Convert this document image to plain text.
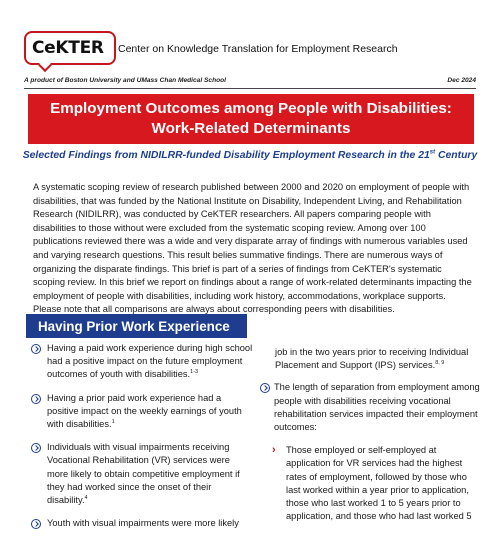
CeKTER Center on Knowledge Translation for Employment Research
A product of Boston University and UMass Chan Medical School	Dec 2024
Employment Outcomes among People with Disabilities:
Work-Related Determinants
Selected Findings from NIDILRR-funded Disability Employment Research in the 21st Century

A systematic scoping review of research published between 2000 and 2020 on employment of people with disabilities, that was funded by the National Institute on Disability, Independent Living, and Rehabilitation Research (NIDILRR), was conducted by CeKTER researchers. All papers comparing people with disabilities to those without were excluded from the systematic scoping review. Among over 100 publications reviewed there was a wide and very disparate array of findings with numerous variables used and varying research questions. This result belies summative findings. There are numerous ways of organizing the disparate findings. This brief is part of a series of findings from CeKTER's systematic scoping review. In this brief we report on findings about a range of work-related determinants impacting the employment of people with disabilities, including work history, accommodations, workplace supports. Please note that all comparisons are always about corresponding peers with disabilities.

Having Prior Work Experience
Having a paid work experience during high school had a positive impact on the future employment outcomes of youth with disabilities.$^{1-3}$
Having a prior paid work experience had a positive impact on the weekly earnings of youth with disabilities.$^1$
Individuals with visual impairments receiving Vocational Rehabilitation (VR) services were more likely to obtain competitive employment if they had worked since the onset of their disability.$^4$
Youth with visual impairments were more likely
job in the two years prior to receiving Individual Placement and Support (IPS) services.$^{8, 9}$
The length of separation from employment among people with disabilities receiving vocational rehabilitation services impacted their employment outcomes:
› Those employed or self-employed at application for VR services had the highest rates of employment, followed by those who last worked within a year prior to application, those who last worked 1 to 5 years prior to application, and those who had last worked 5
